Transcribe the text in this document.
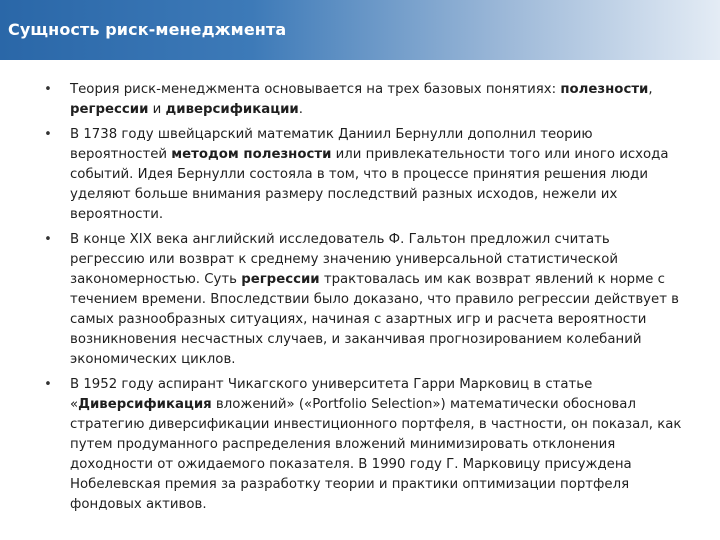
Сущность риск-менеджмента
•	Теория риск-менеджмента основывается на трех базовых понятиях: полезности, регрессии и диверсификации.
•	В 1738 году швейцарский математик Даниил Бернулли дополнил теорию вероятностей методом полезности или привлекательности того или иного исхода событий. Идея Бернулли состояла в том, что в процессе принятия решения люди уделяют больше внимания размеру последствий разных исходов, нежели их вероятности.
•	В конце XIX века английский исследователь Ф. Гальтон предложил считать регрессию или возврат к среднему значению универсальной статистической закономерностью. Суть регрессии трактовалась им как возврат явлений к норме с течением времени. Впоследствии было доказано, что правило регрессии действует в самых разнообразных ситуациях, начиная с азартных игр и расчета вероятности возникновения несчастных случаев, и заканчивая прогнозированием колебаний экономических циклов.
•	В 1952 году аспирант Чикагского университета Гарри Марковиц в статье «Диверсификация вложений» («Portfolio Selection») математически обосновал стратегию диверсификации инвестиционного портфеля, в частности, он показал, как путем продуманного распределения вложений минимизировать отклонения доходности от ожидаемого показателя. В 1990 году Г. Марковицу присуждена Нобелевская премия за разработку теории и практики оптимизации портфеля фондовых активов.
